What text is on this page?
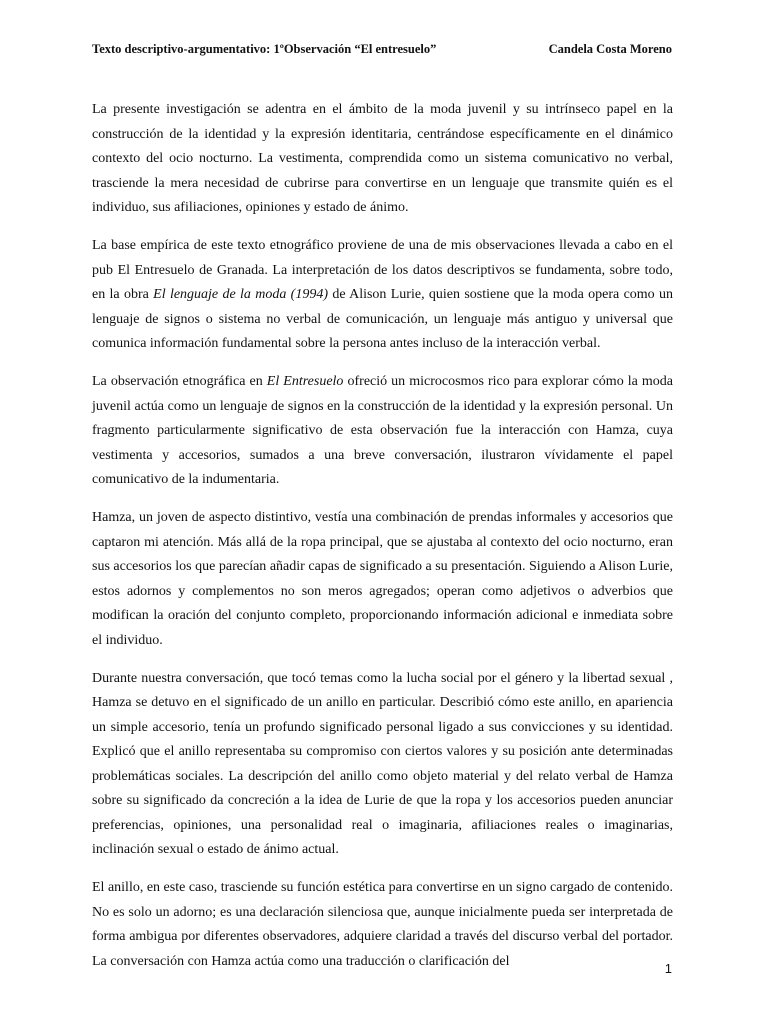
Texto descriptivo-argumentativo: 1ºObservación “El entresuelo”	Candela Costa Moreno

La presente investigación se adentra en el ámbito de la moda juvenil y su intrínseco papel en la construcción de la identidad y la expresión identitaria, centrándose específicamente en el dinámico contexto del ocio nocturno. La vestimenta, comprendida como un sistema comunicativo no verbal, trasciende la mera necesidad de cubrirse para convertirse en un lenguaje que transmite quién es el individuo, sus afiliaciones, opiniones y estado de ánimo.

La base empírica de este texto etnográfico proviene de una de mis observaciones llevada a cabo en el pub El Entresuelo de Granada. La interpretación de los datos descriptivos se fundamenta, sobre todo, en la obra El lenguaje de la moda (1994) de Alison Lurie, quien sostiene que la moda opera como un lenguaje de signos o sistema no verbal de comunicación, un lenguaje más antiguo y universal que comunica información fundamental sobre la persona antes incluso de la interacción verbal.

La observación etnográfica en El Entresuelo ofreció un microcosmos rico para explorar cómo la moda juvenil actúa como un lenguaje de signos en la construcción de la identidad y la expresión personal. Un fragmento particularmente significativo de esta observación fue la interacción con Hamza, cuya vestimenta y accesorios, sumados a una breve conversación, ilustraron vívidamente el papel comunicativo de la indumentaria.

Hamza, un joven de aspecto distintivo, vestía una combinación de prendas informales y accesorios que captaron mi atención. Más allá de la ropa principal, que se ajustaba al contexto del ocio nocturno, eran sus accesorios los que parecían añadir capas de significado a su presentación. Siguiendo a Alison Lurie, estos adornos y complementos no son meros agregados; operan como adjetivos o adverbios que modifican la oración del conjunto completo, proporcionando información adicional e inmediata sobre el individuo.

Durante nuestra conversación, que tocó temas como la lucha social por el género y la libertad sexual , Hamza se detuvo en el significado de un anillo en particular. Describió cómo este anillo, en apariencia un simple accesorio, tenía un profundo significado personal ligado a sus convicciones y su identidad. Explicó que el anillo representaba su compromiso con ciertos valores y su posición ante determinadas problemáticas sociales. La descripción del anillo como objeto material y del relato verbal de Hamza sobre su significado da concreción a la idea de Lurie de que la ropa y los accesorios pueden anunciar preferencias, opiniones, una personalidad real o imaginaria, afiliaciones reales o imaginarias, inclinación sexual o estado de ánimo actual.

El anillo, en este caso, trasciende su función estética para convertirse en un signo cargado de contenido. No es solo un adorno; es una declaración silenciosa que, aunque inicialmente pueda ser interpretada de forma ambigua por diferentes observadores, adquiere claridad a través del discurso verbal del portador. La conversación con Hamza actúa como una traducción o clarificación del	1
